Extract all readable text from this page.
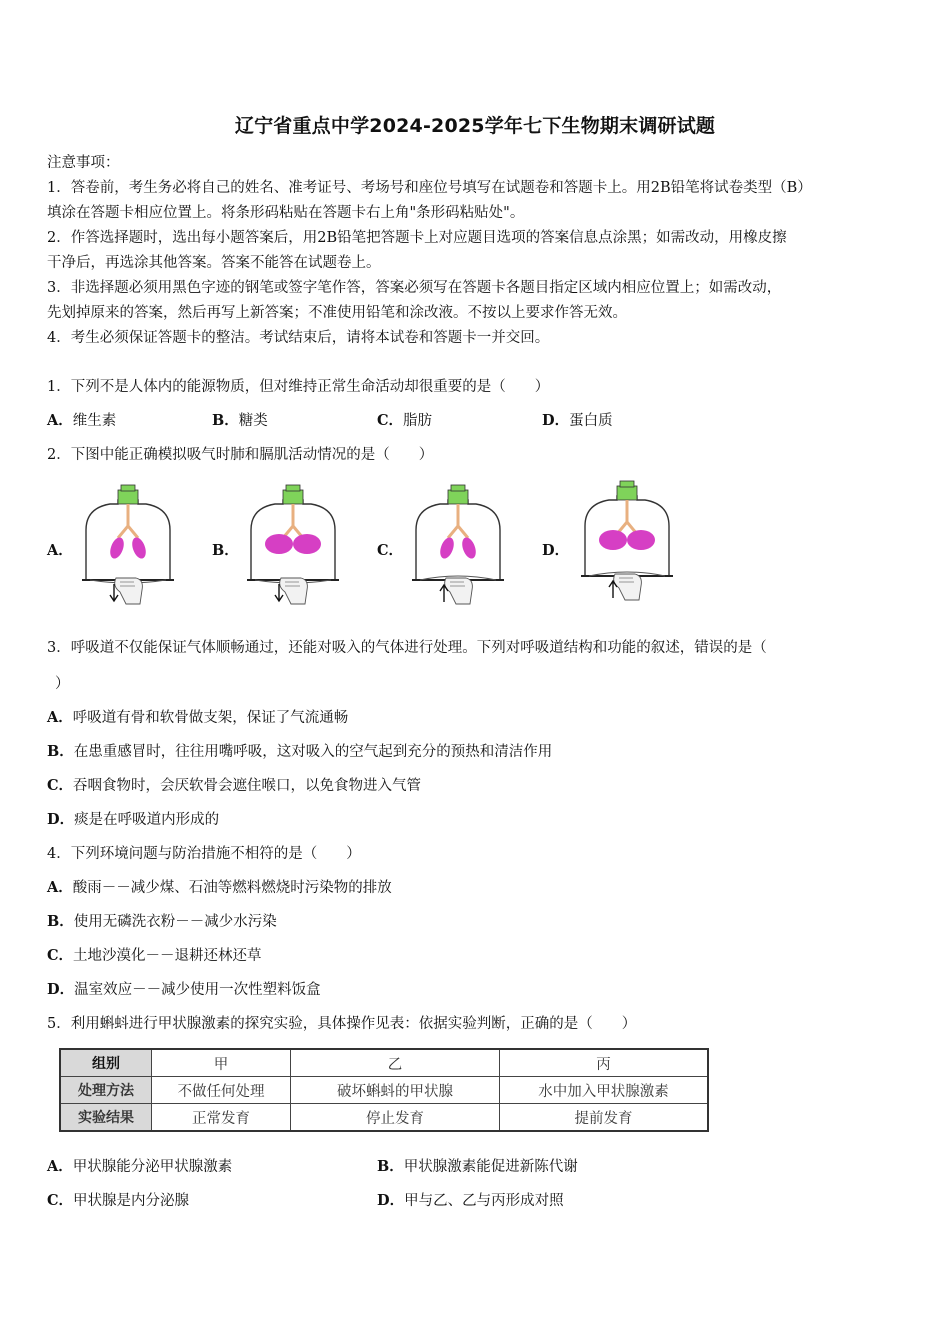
辽宁省重点中学2024-2025学年七下生物期末调研试题
注意事项：
1．答卷前，考生务必将自己的姓名、准考证号、考场号和座位号填写在试题卷和答题卡上。用2B铅笔将试卷类型（B）
填涂在答题卡相应位置上。将条形码粘贴在答题卡右上角"条形码粘贴处"。
2．作答选择题时，选出每小题答案后，用2B铅笔把答题卡上对应题目选项的答案信息点涂黑；如需改动，用橡皮擦
干净后，再选涂其他答案。答案不能答在试题卷上。
3．非选择题必须用黑色字迹的钢笔或签字笔作答，答案必须写在答题卡各题目指定区域内相应位置上；如需改动，
先划掉原来的答案，然后再写上新答案；不准使用铅笔和涂改液。不按以上要求作答无效。
4．考生必须保证答题卡的整洁。考试结束后，请将本试卷和答题卡一并交回。
1．下列不是人体内的能源物质，但对维持正常生命活动却很重要的是（　　）
A．维生素	B．糖类	C．脂肪	D．蛋白质
2．下图中能正确模拟吸气时肺和膈肌活动情况的是（　　）
A．	B．	C．	D．
3．呼吸道不仅能保证气体顺畅通过，还能对吸入的气体进行处理。下列对呼吸道结构和功能的叙述，错误的是（
）
A．呼吸道有骨和软骨做支架，保证了气流通畅
B．在患重感冒时，往往用嘴呼吸，这对吸入的空气起到充分的预热和清洁作用
C．吞咽食物时，会厌软骨会遮住喉口，以免食物进入气管
D．痰是在呼吸道内形成的
4．下列环境问题与防治措施不相符的是（　　）
A．酸雨－－减少煤、石油等燃料燃烧时污染物的排放
B．使用无磷洗衣粉－－减少水污染
C．土地沙漠化－－退耕还林还草
D．温室效应－－减少使用一次性塑料饭盒
5．利用蝌蚪进行甲状腺激素的探究实验，具体操作见表：依据实验判断，正确的是（　　）
组别	甲	乙	丙
处理方法	不做任何处理	破坏蝌蚪的甲状腺	水中加入甲状腺激素
实验结果	正常发育	停止发育	提前发育
A．甲状腺能分泌甲状腺激素	B．甲状腺激素能促进新陈代谢
C．甲状腺是内分泌腺	D．甲与乙、乙与丙形成对照
